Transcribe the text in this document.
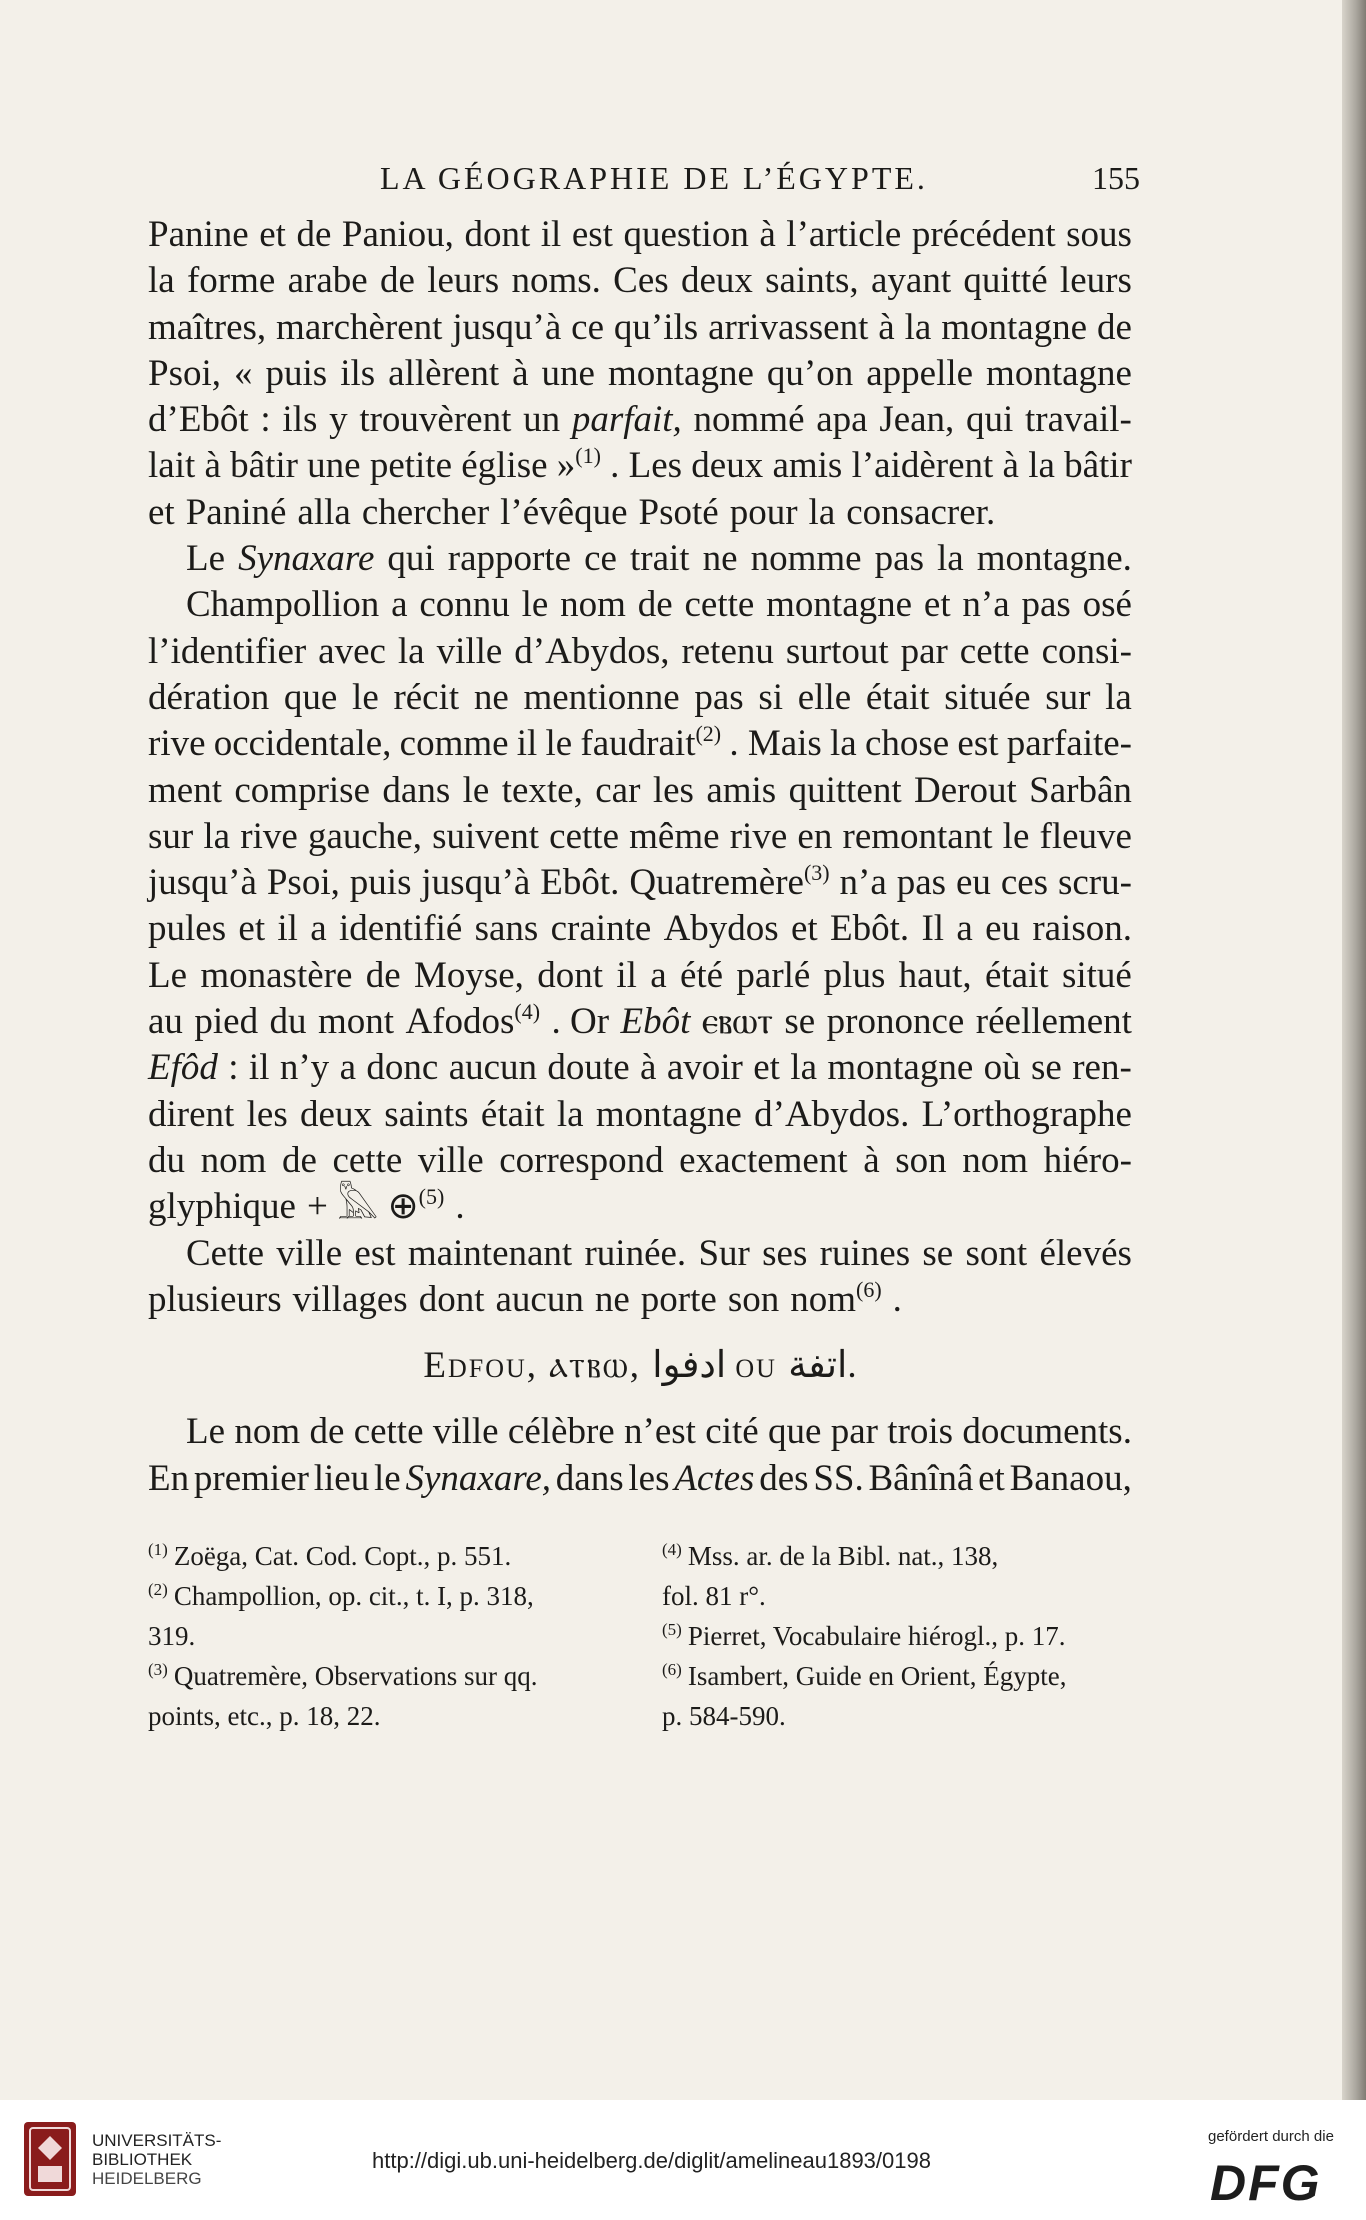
LA GÉOGRAPHIE DE L’ÉGYPTE.	155
Panine et de Paniou, dont il est question à l’article précédent sous
la forme arabe de leurs noms. Ces deux saints, ayant quitté leurs
maîtres, marchèrent jusqu’à ce qu’ils arrivassent à la montagne de
Psoi, « puis ils allèrent à une montagne qu’on appelle montagne
d’Ebôt : ils y trouvèrent un parfait, nommé apa Jean, qui travail-
lait à bâtir une petite église »$^{(1)}$ . Les deux amis l’aidèrent à la bâtir
et Paniné alla chercher l’évêque Psoté pour la consacrer.
Le Synaxare qui rapporte ce trait ne nomme pas la montagne.
Champollion a connu le nom de cette montagne et n’a pas osé
l’identifier avec la ville d’Abydos, retenu surtout par cette consi-
dération que le récit ne mentionne pas si elle était située sur la
rive occidentale, comme il le faudrait$^{(2)}$ . Mais la chose est parfaite-
ment comprise dans le texte, car les amis quittent Derout Sarbân
sur la rive gauche, suivent cette même rive en remontant le fleuve
jusqu’à Psoi, puis jusqu’à Ebôt. Quatremère$^{(3)}$ n’a pas eu ces scru-
pules et il a identifié sans crainte Abydos et Ebôt. Il a eu raison.
Le monastère de Moyse, dont il a été parlé plus haut, était situé
au pied du mont Afodos$^{(4)}$ . Or Ebôt ⲉⲃⲱⲧ se prononce réellement
Efôd : il n’y a donc aucun doute à avoir et la montagne où se ren-
dirent les deux saints était la montagne d’Abydos. L’orthographe
du nom de cette ville correspond exactement à son nom hiéro-
glyphique + 𓅓 ⊕$^{(5)}$ .
Cette ville est maintenant ruinée. Sur ses ruines se sont élevés
plusieurs villages dont aucun ne porte son nom$^{(6)}$ .
Edfou, ⲁⲧⲃⲱ, ادفوا ou اتفة.
Le nom de cette ville célèbre n’est cité que par trois documents.
En premier lieu le Synaxare, dans les Actes des SS. Bânînâ et Banaou,
$^{(1)}$ Zoëga, Cat. Cod. Copt., p. 551.
$^{(2)}$ Champollion, op. cit., t. I, p. 318,
319.
$^{(3)}$ Quatremère, Observations sur qq.
points, etc., p. 18, 22.
$^{(4)}$ Mss. ar. de la Bibl. nat., 138,
fol. 81 r°.
$^{(5)}$ Pierret, Vocabulaire hiérogl., p. 17.
$^{(6)}$ Isambert, Guide en Orient, Égypte,
p. 584-590.
UNIVERSITÄTS-
BIBLIOTHEK
HEIDELBERG
http://digi.ub.uni-heidelberg.de/diglit/amelineau1893/0198
gefördert durch die
DFG
